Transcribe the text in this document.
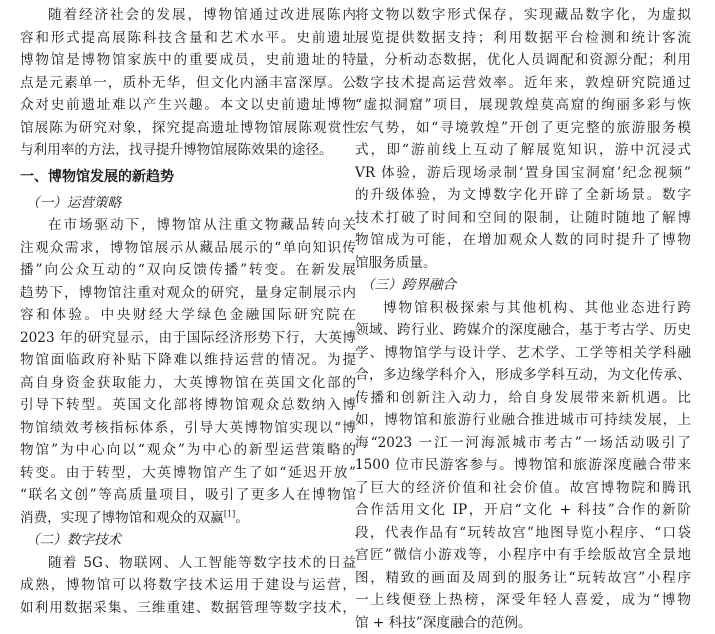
随着经济社会的发展，博物馆通过改进展陈内
容和形式提高展陈科技含量和艺术水平。史前遗址
博物馆是博物馆家族中的重要成员，史前遗址的特
点是元素单一，质朴无华，但文化内涵丰富深厚。公
众对史前遗址难以产生兴趣。本文以史前遗址博物
馆展陈为研究对象，探究提高遗址博物馆展陈观赏性
与利用率的方法，找寻提升博物馆展陈效果的途径。
一、博物馆发展的新趋势
（一）运营策略
在市场驱动下，博物馆从注重文物藏品转向关
注观众需求，博物馆展示从藏品展示的“单向知识传
播”向公众互动的“双向反馈传播”转变。在新发展
趋势下，博物馆注重对观众的研究，量身定制展示内
容和体验。中央财经大学绿色金融国际研究院在
2023 年的研究显示，由于国际经济形势下行，大英博
物馆面临政府补贴下降难以维持运营的情况。为提
高自身资金获取能力，大英博物馆在英国文化部的
引导下转型。英国文化部将博物馆观众总数纳入博
物馆绩效考核指标体系，引导大英博物馆实现以“博
物馆”为中心向以“观众”为中心的新型运营策略的
转变。由于转型，大英博物馆产生了如“延迟开放”
“联名文创”等高质量项目，吸引了更多人在博物馆
消费，实现了博物馆和观众的双赢[1]。
（二）数字技术
随着 5G、物联网、人工智能等数字技术的日益
成熟，博物馆可以将数字技术运用于建设与运营，
如利用数据采集、三维重建、数据管理等数字技术，
将文物以数字形式保存，实现藏品数字化，为虚拟
展览提供数据支持；利用数据平台检测和统计客流
量，分析动态数据，优化人员调配和资源分配；利用
数字技术提高运营效率。近年来，敦煌研究院通过
“虚拟洞窟”项目，展现敦煌莫高窟的绚丽多彩与恢
宏气势，如“寻境敦煌”开创了更完整的旅游服务模
式，即“游前线上互动了解展览知识，游中沉浸式
VR 体验，游后现场录制‘置身国宝洞窟’纪念视频”
的升级体验，为文博数字化开辟了全新场景。数字
技术打破了时间和空间的限制，让随时随地了解博
物馆成为可能，在增加观众人数的同时提升了博物
馆服务质量。
（三）跨界融合
博物馆积极探索与其他机构、其他业态进行跨
领域、跨行业、跨媒介的深度融合，基于考古学、历史
学、博物馆学与设计学、艺术学、工学等相关学科融
合，多边缘学科介入，形成多学科互动，为文化传承、
传播和创新注入动力，给自身发展带来新机遇。比
如，博物馆和旅游行业融合推进城市可持续发展，上
海“2023 一江一河海派城市考古”一场活动吸引了
1500 位市民游客参与。博物馆和旅游深度融合带来
了巨大的经济价值和社会价值。故宫博物院和腾讯
合作活用文化 IP，开启“文化 + 科技”合作的新阶
段，代表作品有“玩转故宫”地图导览小程序、“口袋
宫匠”微信小游戏等，小程序中有手绘版故宫全景地
图，精致的画面及周到的服务让“玩转故宫”小程序
一上线便登上热榜，深受年轻人喜爱，成为“博物
馆 + 科技”深度融合的范例。
